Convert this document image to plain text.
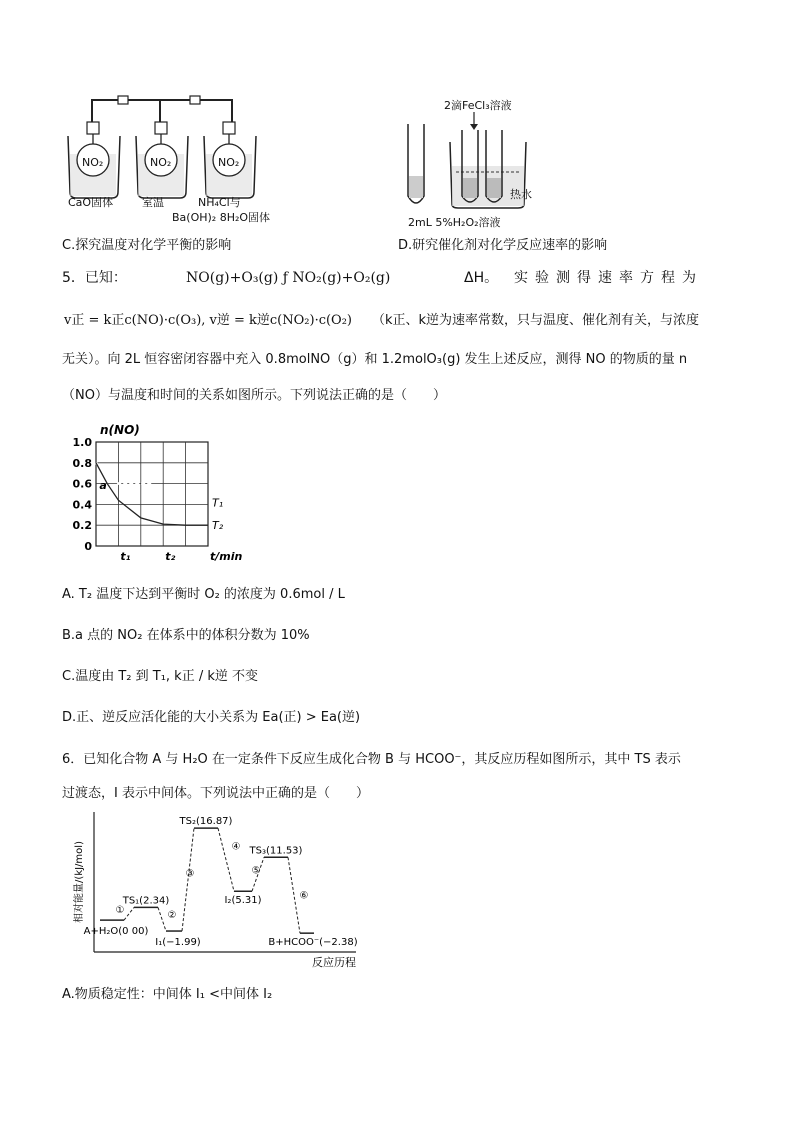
NO₂	NO₂	NO₂
CaO固体	室温	NH₄Cl与
Ba(OH)₂ 8H₂O固体
C.探究温度对化学平衡的影响
2滴FeCl₃溶液
热水
2mL 5%H₂O₂溶液
D.研究催化剂对化学反应速率的影响
5．已知：	NO(g)+O₃(g) ƒ NO₂(g)+O₂(g)	ΔH。 实验测得速率方程为
v正 = k正c(NO)·c(O₃), v逆 = k逆c(NO₂)·c(O₂) （k正、k逆为速率常数，只与温度、催化剂有关，与浓度
无关）。向 2L 恒容密闭容器中充入 0.8molNO（g）和 1.2molO₃(g) 发生上述反应，测得 NO 的物质的量 n
（NO）与温度和时间的关系如图所示。下列说法正确的是（　　）
0
0.2
0.4
0.6
0.8
1.0
n(NO)
t₁	t₂	t/min
a
T₁
T₂
A. T₂ 温度下达到平衡时 O₂ 的浓度为 0.6mol / L
B.a 点的 NO₂ 在体系中的体积分数为 10%
C.温度由 T₂ 到 T₁, k正 / k逆 不变
D.正、逆反应活化能的大小关系为 Ea(正) > Ea(逆)
6．已知化合物 A 与 H₂O 在一定条件下反应生成化合物 B 与 HCOO⁻，其反应历程如图所示，其中 TS 表示
过渡态，I 表示中间体。下列说法中正确的是（　　）
相对能量/(kJ/mol)
反应历程
A+H₂O(0 00)
TS₁(2.34)
I₁(−1.99)
TS₂(16.87)
I₂(5.31)
TS₃(11.53)
B+HCOO⁻(−2.38)
①	②
③
④
⑤
⑥
A.物质稳定性：中间体 I₁ <中间体 I₂
